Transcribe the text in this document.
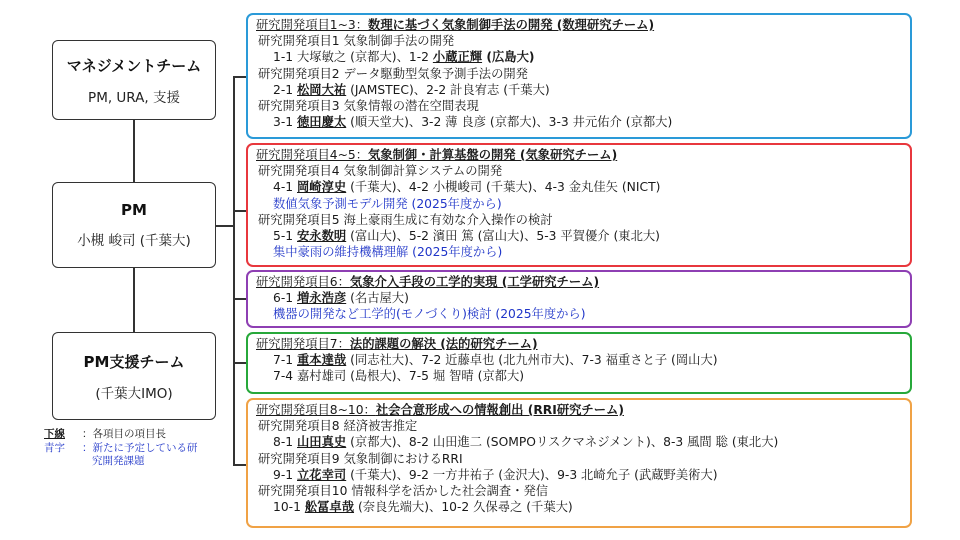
マネジメントチーム
PM, URA, 支援
PM
小槻 峻司 (千葉大)
PM支援チーム
(千葉大IMO)
下線	：各項目の項目長
青字	：新たに予定している研
究開発課題
研究開発項目1~3：数理に基づく気象制御手法の開発 (数理研究チーム)
研究開発項目1 気象制御手法の開発
1-1 大塚敏之 (京都大)、1-2 小蔵正輝 (広島大)
研究開発項目2 データ駆動型気象予測手法の開発
2-1 松岡大祐 (JAMSTEC)、2-2 計良宥志 (千葉大)
研究開発項目3 気象情報の潜在空間表現
3-1 徳田慶太 (順天堂大)、3-2 薄 良彦 (京都大)、3-3 井元佑介 (京都大)
研究開発項目4~5：気象制御・計算基盤の開発 (気象研究チーム)
研究開発項目4 気象制御計算システムの開発
4-1 岡崎淳史 (千葉大)、4-2 小槻峻司 (千葉大)、4-3 金丸佳矢 (NICT)
数値気象予測モデル開発 (2025年度から)
研究開発項目5 海上豪雨生成に有効な介入操作の検討
5-1 安永数明 (富山大)、5-2 濱田 篤 (富山大)、5-3 平賀優介 (東北大)
集中豪雨の維持機構理解 (2025年度から)
研究開発項目6：気象介入手段の工学的実現 (工学研究チーム)
6-1 増永浩彦 (名古屋大)
機器の開発など工学的(モノづくり)検討 (2025年度から)
研究開発項目7：法的課題の解決 (法的研究チーム)
7-1 重本達哉 (同志社大)、7-2 近藤卓也 (北九州市大)、7-3 福重さと子 (岡山大)
7-4 嘉村雄司 (島根大)、7-5 堀 智晴 (京都大)
研究開発項目8~10：社会合意形成への情報創出 (RRI研究チーム)
研究開発項目8 経済被害推定
8-1 山田真史 (京都大)、8-2 山田進二 (SOMPOリスクマネジメント)、8-3 風間 聡 (東北大)
研究開発項目9 気象制御におけるRRI
9-1 立花幸司 (千葉大)、9-2 一方井祐子 (金沢大)、9-3 北崎允子 (武蔵野美術大)
研究開発項目10 情報科学を活かした社会調査・発信
10-1 舩冨卓哉 (奈良先端大)、10-2 久保尋之 (千葉大)
